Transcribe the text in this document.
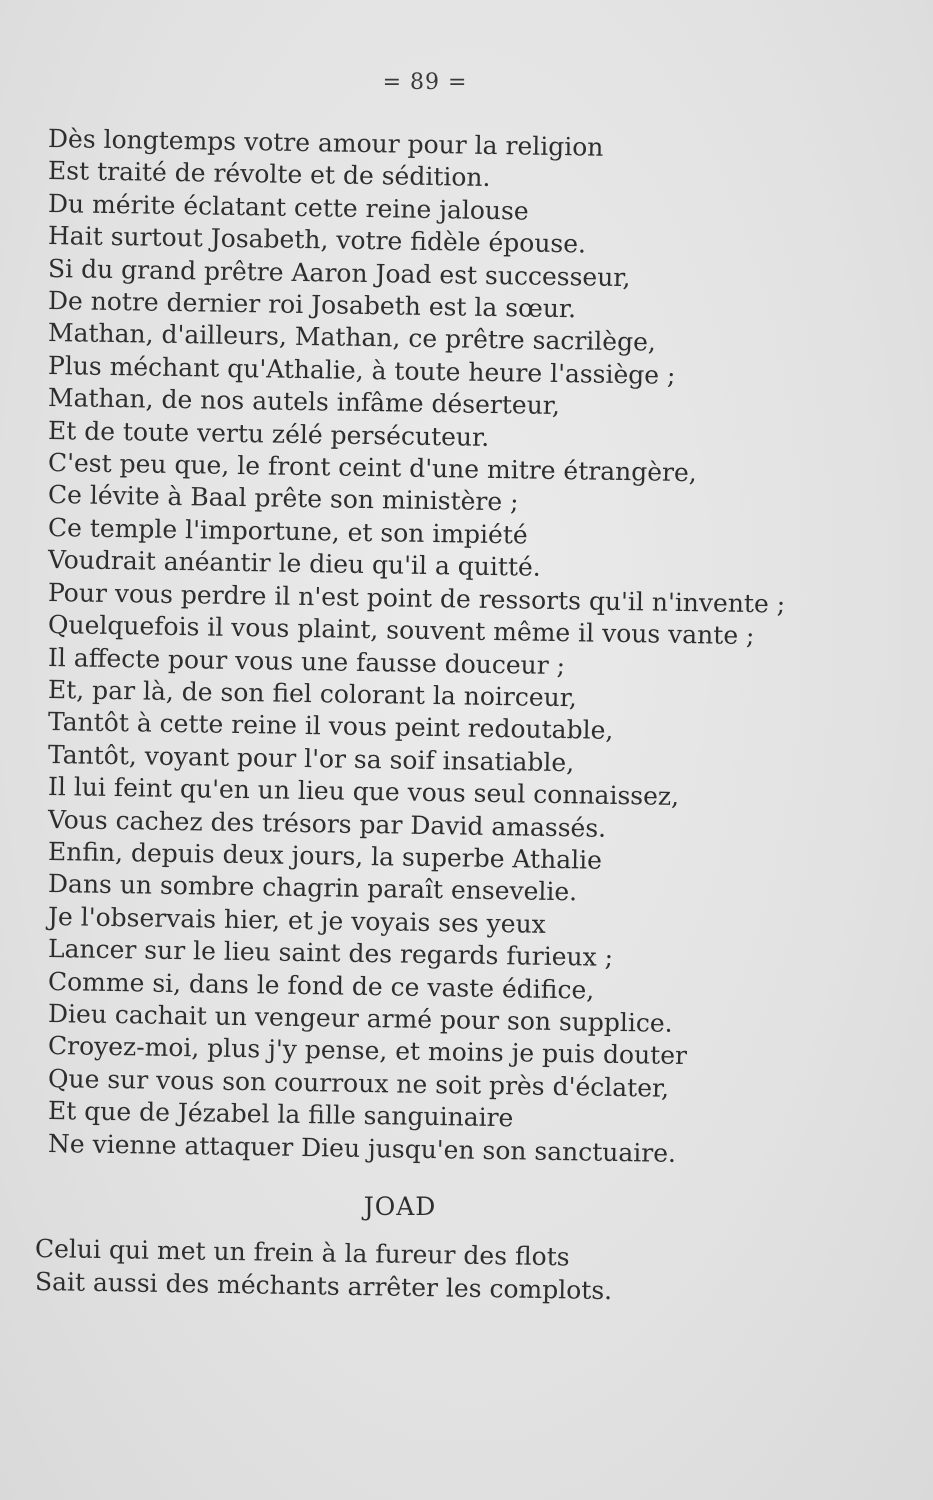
= 89 =
Dès longtemps votre amour pour la religion
Est traité de révolte et de sédition.
Du mérite éclatant cette reine jalouse
Hait surtout Josabeth, votre fidèle épouse.
Si du grand prêtre Aaron Joad est successeur,
De notre dernier roi Josabeth est la sœur.
Mathan, d'ailleurs, Mathan, ce prêtre sacrilège,
Plus méchant qu'Athalie, à toute heure l'assiège ;
Mathan, de nos autels infâme déserteur,
Et de toute vertu zélé persécuteur.
C'est peu que, le front ceint d'une mitre étrangère,
Ce lévite à Baal prête son ministère ;
Ce temple l'importune, et son impiété
Voudrait anéantir le dieu qu'il a quitté.
Pour vous perdre il n'est point de ressorts qu'il n'invente ;
Quelquefois il vous plaint, souvent même il vous vante ;
Il affecte pour vous une fausse douceur ;
Et, par là, de son fiel colorant la noirceur,
Tantôt à cette reine il vous peint redoutable,
Tantôt, voyant pour l'or sa soif insatiable,
Il lui feint qu'en un lieu que vous seul connaissez,
Vous cachez des trésors par David amassés.
Enfin, depuis deux jours, la superbe Athalie
Dans un sombre chagrin paraît ensevelie.
Je l'observais hier, et je voyais ses yeux
Lancer sur le lieu saint des regards furieux ;
Comme si, dans le fond de ce vaste édifice,
Dieu cachait un vengeur armé pour son supplice.
Croyez-moi, plus j'y pense, et moins je puis douter
Que sur vous son courroux ne soit près d'éclater,
Et que de Jézabel la fille sanguinaire
Ne vienne attaquer Dieu jusqu'en son sanctuaire.
JOAD
Celui qui met un frein à la fureur des flots
Sait aussi des méchants arrêter les complots.
